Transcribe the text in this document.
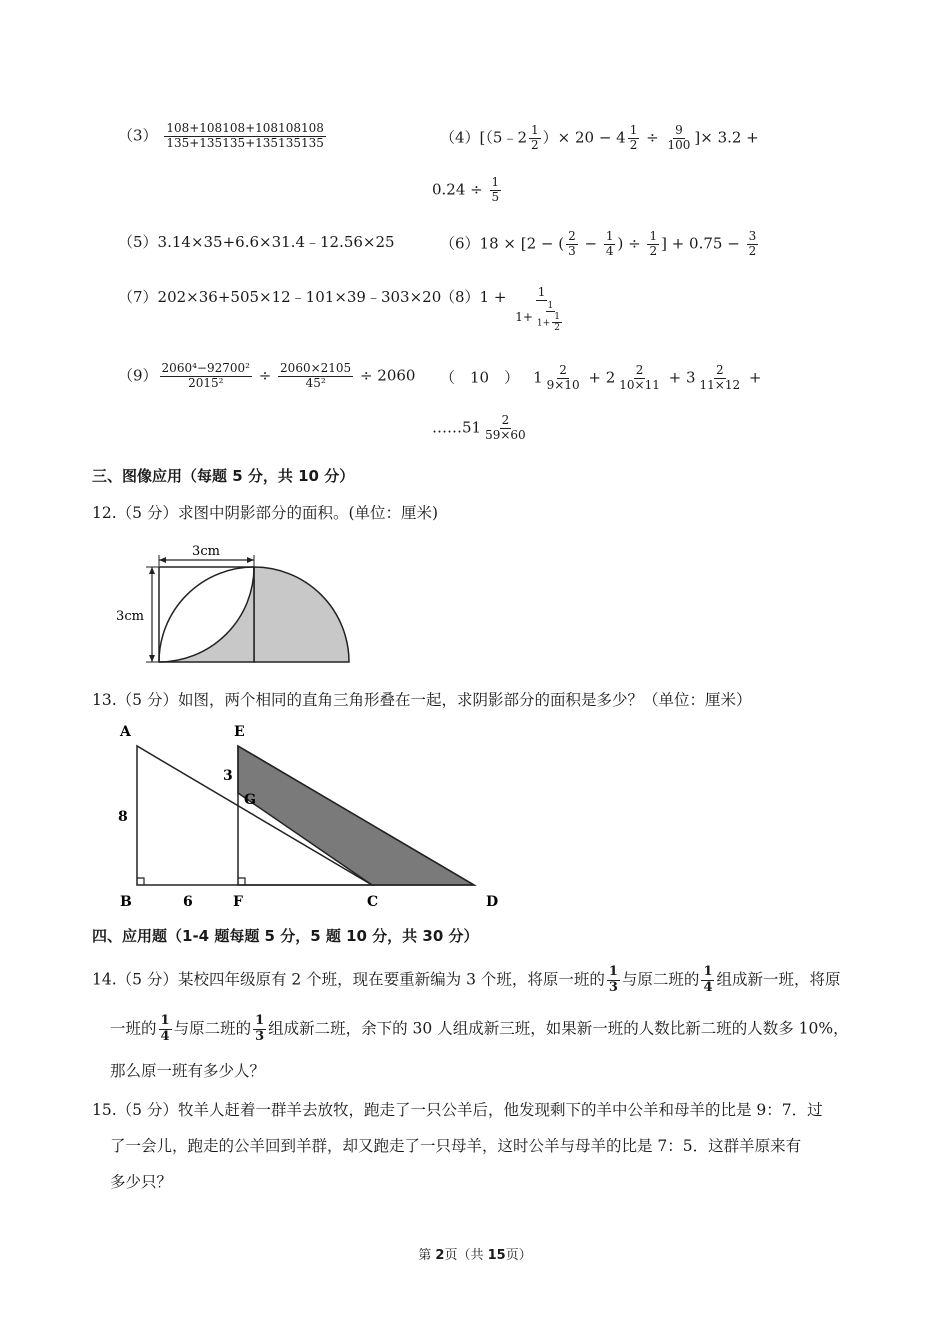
$(3) \frac{108+108108+108108108}{135+135135+135135135}$	（4）[（5﹣2 $\frac{1}{2}$ ）× $20 - 4 \frac{1}{2} \div \frac{9}{100}$ ]× 3.2 +
$0.24 \div \frac{1}{5}$
（5）3.14×35+6.6×31.4﹣12.56×25	（6）18 × [2 − ( $\frac{2}{3} - \frac{1}{4}$ ) ÷ $\frac{1}{2}$ ] + $0.75 - \frac{3}{2}$
（7）202×36+505×12﹣101×39﹣303×20
$(8)1 + \frac{1}{1+ \frac{1}{1+ \frac{1}{2}}}$
$(9) \frac{\text{2060⁴−92700²}}{\text{2015²}} \div \frac{2060\times 2105}{\text{45²}} \div 2060$ （　10　） $1 \frac{2}{9\times 10} + 2 \frac{2}{10\times 11} + 3 \frac{2}{11\times 12}$ +
……51 $\frac{2}{59\times 60}$
三、图像应用（每题 5 分，共 10 分）
12.（5 分）求图中阴影部分的面积。(单位：厘米)
3cm
3cm
13.（5 分）如图，两个相同的直角三角形叠在一起，求阴影部分的面积是多少？（单位：厘米）
A	E
3
G
8
B	6	F	C	D
四、应用题（1-4 题每题 5 分，5 题 10 分，共 30 分）
14.（5 分）某校四年级原有 2 个班，现在要重新编为 3 个班，将原一班的 $\frac{1}{3}$ 与原二班的 $\frac{1}{4}$ 组成新一班，将原
一班的 $\frac{1}{4}$ 与原二班的 $\frac{1}{3}$ 组成新二班，余下的 30 人组成新三班，如果新一班的人数比新二班的人数多 10%，
那么原一班有多少人？
15.（5 分）牧羊人赶着一群羊去放牧，跑走了一只公羊后，他发现剩下的羊中公羊和母羊的比是 9：7．过
了一会儿，跑走的公羊回到羊群，却又跑走了一只母羊，这时公羊与母羊的比是 7：5．这群羊原来有
多少只？
第 2页（共 15页）
